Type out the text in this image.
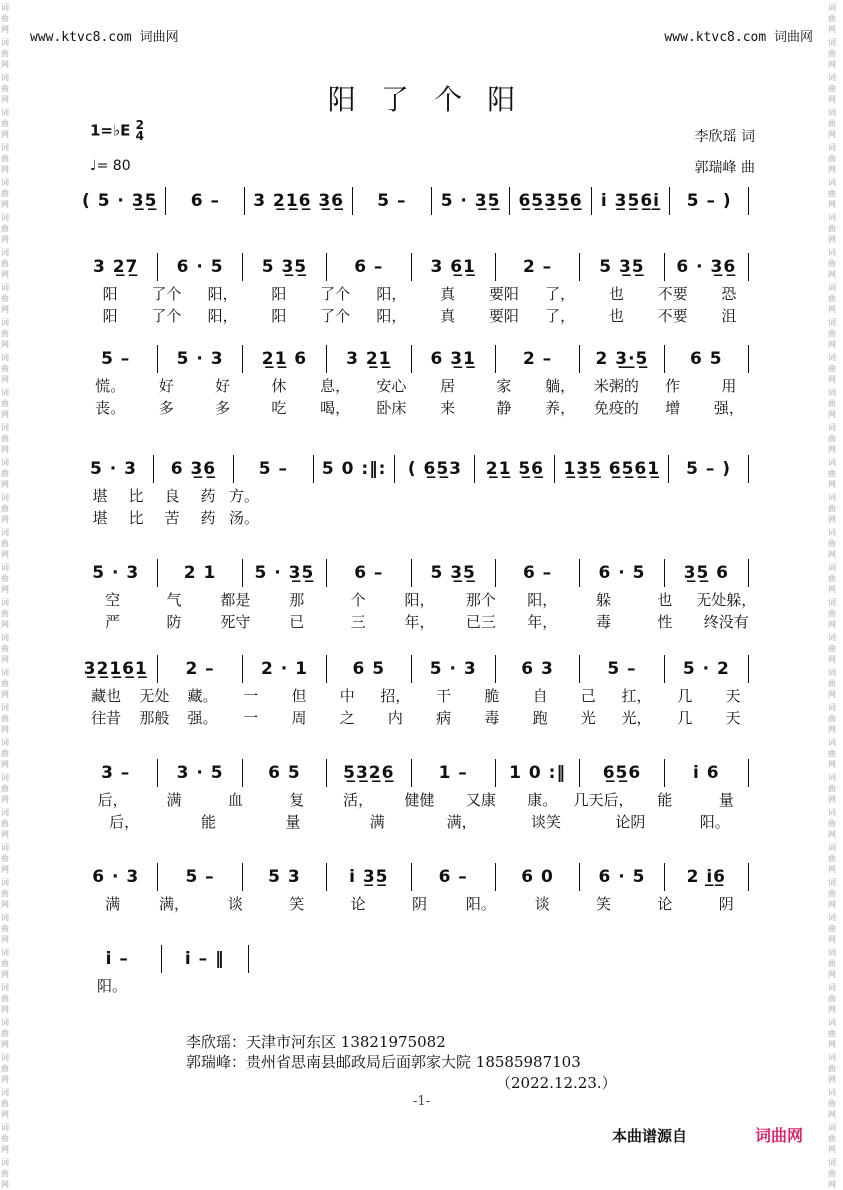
词曲网
词曲网
词曲网
词曲网
词曲网
词曲网
词曲网
词曲网
词曲网
词曲网
词曲网
词曲网
词曲网
词曲网
词曲网
词曲网
词曲网
词曲网
词曲网
词曲网
词曲网
词曲网
词曲网
词曲网
词曲网
词曲网
词曲网
词曲网
词曲网
词曲网
词曲网
词曲网
词曲网
词曲网
词曲网
词曲网
词曲网
词曲网
词曲网
词曲网
词曲网
词曲网
词曲网
词曲网
词曲网
词曲网
词曲网
词曲网
词曲网
词曲网
词曲网
词曲网
词曲网
词曲网
词曲网
词曲网
词曲网
词曲网
词曲网
词曲网
词曲网
词曲网
词曲网
词曲网
词曲网
词曲网
词曲网
词曲网
www.ktvc8.com 词曲网	www.ktvc8.com 词曲网
阳了个阳
1=♭E 2
4
♩= 80
李欣瑶 词
郭瑞峰 曲
( 5 · 3̲5̲	6 –	3 2̲1̲6̲ 3̲6̲	5 –	5 · 3̲5̲ 6̲5̲3̲5̲6̲ i 3̲5̲6̲i̲	5 – )
3 2̲7̲	6 · 5	5 3̲5̲	6 –	3 6̲1̲	2 –	5 3̲5̲	6 · 3̲6̲
阳	了个	阳，	阳	了个	阳，	真	要阳	了，	也	不要	恐
阳	了个	阳，	阳	了个	阳，	真	要阳	了，	也	不要	沮
5 –	5 · 3	2̲1̲ 6	3 2̲1̲	6 3̲1̲	2 –	2 3̲·̲5̲	6 5
慌。	好	好	休	息，	安心	居	家	躺，	米粥的	作	用
丧。	多	多	吃	喝，	卧床	来	静	养，	免疫的	增	强，
5 · 3	6 3̲6̲	5 –	5 0 :‖: ( 6̲5̲3 2̲1̲ 5̲6̲ 1̲3̲5̲ 6̲5̲6̲1̲	5 – )
堪	比	良	药 方。
堪	比	苦	药 汤。
5 · 3	2 1	5 · 3̲5̲	6 –	5 3̲5̲	6 –	6 · 5	3̲5̲ 6
空	气	都是	那	个	阳，	那个	阳，	躲	也	无处躲，
严	防	死守	已	三	年，	已三	年，	毒	性	终没有
3̲2̲1̲6̲1̲	2 –	2 · 1	6 5	5 · 3	6 3	5 –	5 · 2
藏也	无处	藏。	一	但	中	招，	干	脆	自	己	扛，	几	天
往昔	那般	强。	一	周	之	内	病	毒	跑	光	光，	几	天
3 –	3 · 5	6 5	5̲3̲2̲6̲	1 –	1 0 :‖	6̲5̲6	i 6
后，	满	血	复	活，	健健	又康	康。	几天后，	能	量
后，	能	量	满	满，	谈笑	论阴	阳。
6 · 3	5 –	5 3	i 3̲5̲	6 –	6 0	6 · 5	2 i̲6̲
满	满，	谈	笑	论	阴	阳。	谈	笑	论	阴
i –	i – ‖
阳。
李欣瑶：天津市河东区 13821975082
郭瑞峰：贵州省思南县邮政局后面郭家大院 18585987103
（2022.12.23.）
-1-
本曲谱源自	词曲网
